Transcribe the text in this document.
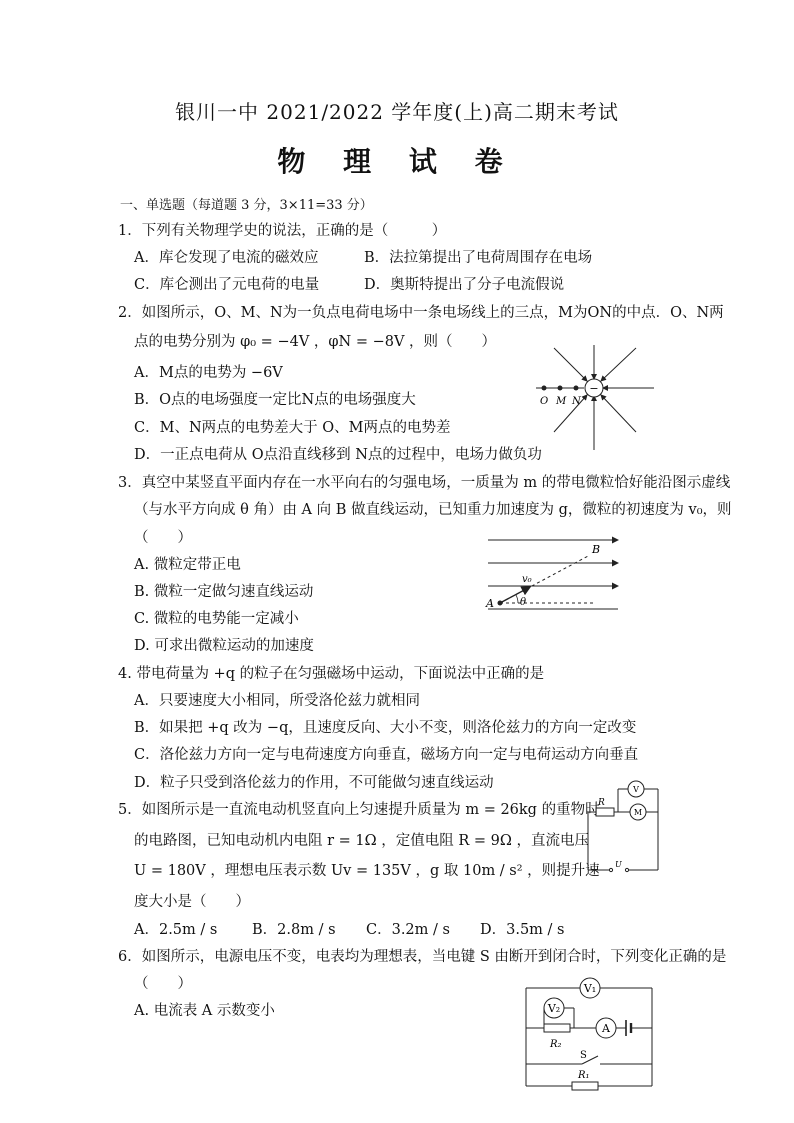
银川一中 2021/2022 学年度(上)高二期末考试
物 理 试 卷
一、单选题（每道题 3 分，3×11=33 分）
1．下列有关物理学史的说法，正确的是（　　　）
A．库仑发现了电流的磁效应	B．法拉第提出了电荷周围存在电场
C．库仑测出了元电荷的电量	D．奥斯特提出了分子电流假说
2．如图所示，O、M、N为一负点电荷电场中一条电场线上的三点，M为ON的中点．O、N两
点的电势分别为 φ₀ = −4V ，φN = −8V ，则（　　）
A．M点的电势为 −6V
B．O点的电场强度一定比N点的电场强度大
C．M、N两点的电势差大于 O、M两点的电势差
D．一正点电荷从 O点沿直线移到 N点的过程中，电场力做负功
−
O M N
3．真空中某竖直平面内存在一水平向右的匀强电场，一质量为 m 的带电微粒恰好能沿图示虚线
（与水平方向成 θ 角）由 A 向 B 做直线运动，已知重力加速度为 g，微粒的初速度为 v₀，则
（　　）
A. 微粒定带正电
B. 微粒一定做匀速直线运动
C. 微粒的电势能一定减小
D. 可求出微粒运动的加速度
B
v₀
A	θ
4. 带电荷量为 +q 的粒子在匀强磁场中运动，下面说法中正确的是
A．只要速度大小相同，所受洛伦兹力就相同
B．如果把 +q 改为 −q，且速度反向、大小不变，则洛伦兹力的方向一定改变
C．洛伦兹力方向一定与电荷速度方向垂直，磁场方向一定与电荷运动方向垂直
D．粒子只受到洛伦兹力的作用，不可能做匀速直线运动
5．如图所示是一直流电动机竖直向上匀速提升质量为 m = 26kg 的重物时
的电路图，已知电动机内电阻 r = 1Ω ，定值电阻 R = 9Ω ，直流电压
U = 180V ，理想电压表示数 Uv = 135V ，g 取 10m / s² ，则提升速
度大小是（　　）
A．2.5m / s B．2.8m / s C．3.2m / s D．3.5m / s
R
V
M
U
6．如图所示，电源电压不变，电表均为理想表，当电键 S 由断开到闭合时，下列变化正确的是
（　　）
A. 电流表 A 示数变小
V₁
V₂
A
R₂
S
R₁
